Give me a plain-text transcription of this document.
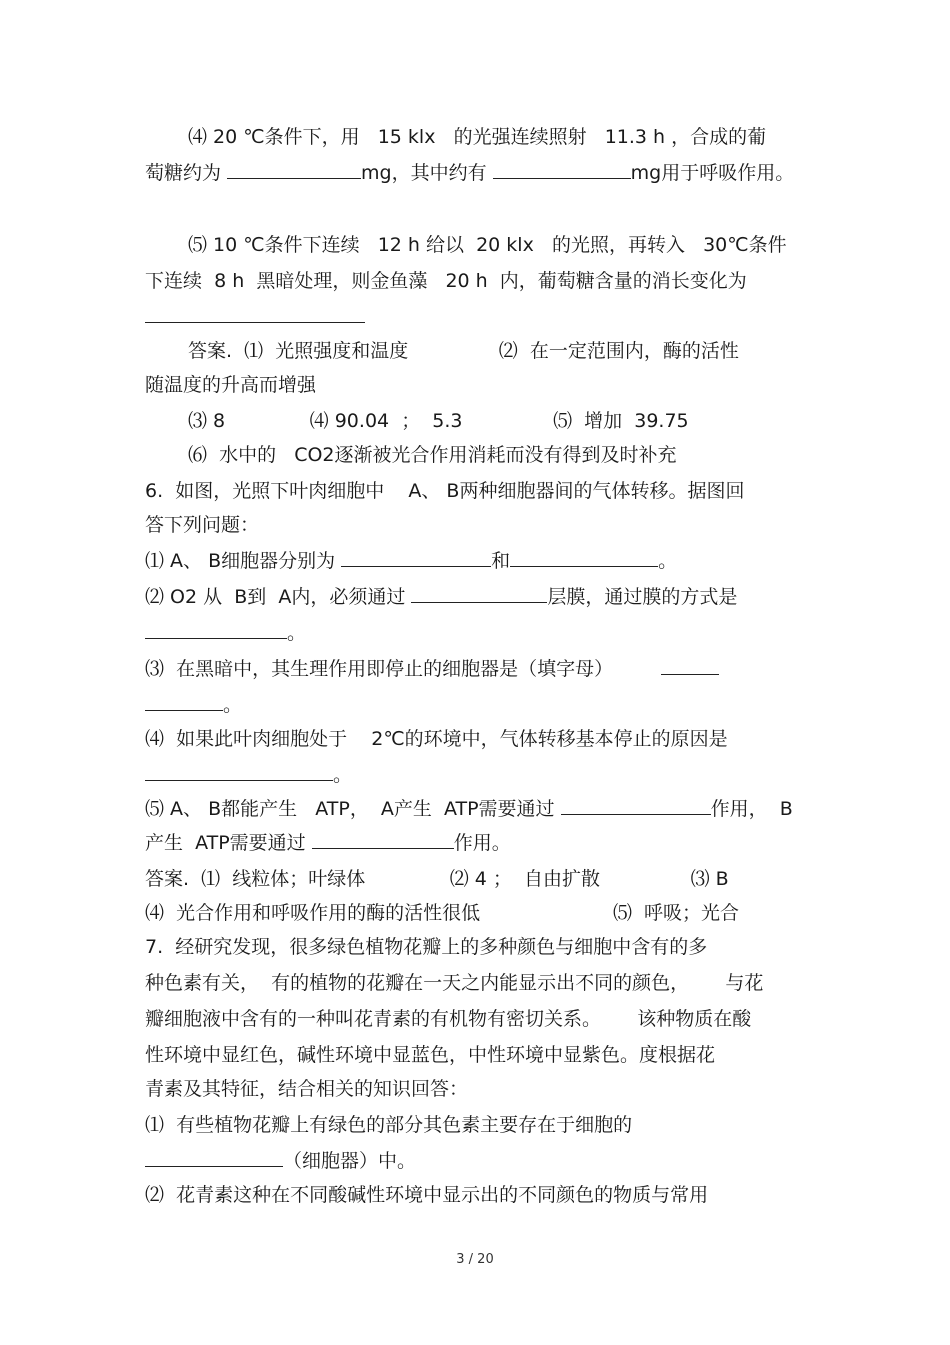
⑷ 20 ℃条件下，用   15 klx   的光强连续照射   11.3 h ，合成的葡
萄糖约为	mg，其中约有	mg用于呼吸作用。
⑸ 10 ℃条件下连续   12 h 给以  20 klx   的光照，再转入   30℃条件
下连续  8 h  黑暗处理，则金鱼藻   20 h  内，葡萄糖含量的消长变化为
答案.  ⑴  光照强度和温度               ⑵  在一定范围内，酶的活性
随温度的升高而增强
⑶ 8              ⑷ 90.04  ；  5.3               ⑸  增加  39.75
⑹  水中的   CO2逐渐被光合作用消耗而没有得到及时补充
6.  如图，光照下叶肉细胞中    A、 B两种细胞器间的气体转移。据图回
答下列问题：
⑴ A、 B细胞器分别为	和	。
⑵ O2 从  B到  A内，必须通过	层膜，通过膜的方式是
。
⑶  在黑暗中，其生理作用即停止的细胞器是（填字母）
。
⑷  如果此叶肉细胞处于    2℃的环境中，气体转移基本停止的原因是
。
⑸ A、 B都能产生   ATP，  A产生  ATP需要通过	作用，  B
产生  ATP需要通过	作用。
答案.  ⑴  线粒体；叶绿体              ⑵ 4 ；  自由扩散               ⑶ B
⑷  光合作用和呼吸作用的酶的活性很低                      ⑸  呼吸；光合
7.  经研究发现，很多绿色植物花瓣上的多种颜色与细胞中含有的多
种色素有关，  有的植物的花瓣在一天之内能显示出不同的颜色，      与花
瓣细胞液中含有的一种叫花青素的有机物有密切关系。      该种物质在酸
性环境中显红色，碱性环境中显蓝色，中性环境中显紫色。度根据花
青素及其特征，结合相关的知识回答：
⑴  有些植物花瓣上有绿色的部分其色素主要存在于细胞的
（细胞器）中。
⑵  花青素这种在不同酸碱性环境中显示出的不同颜色的物质与常用
3 / 20
